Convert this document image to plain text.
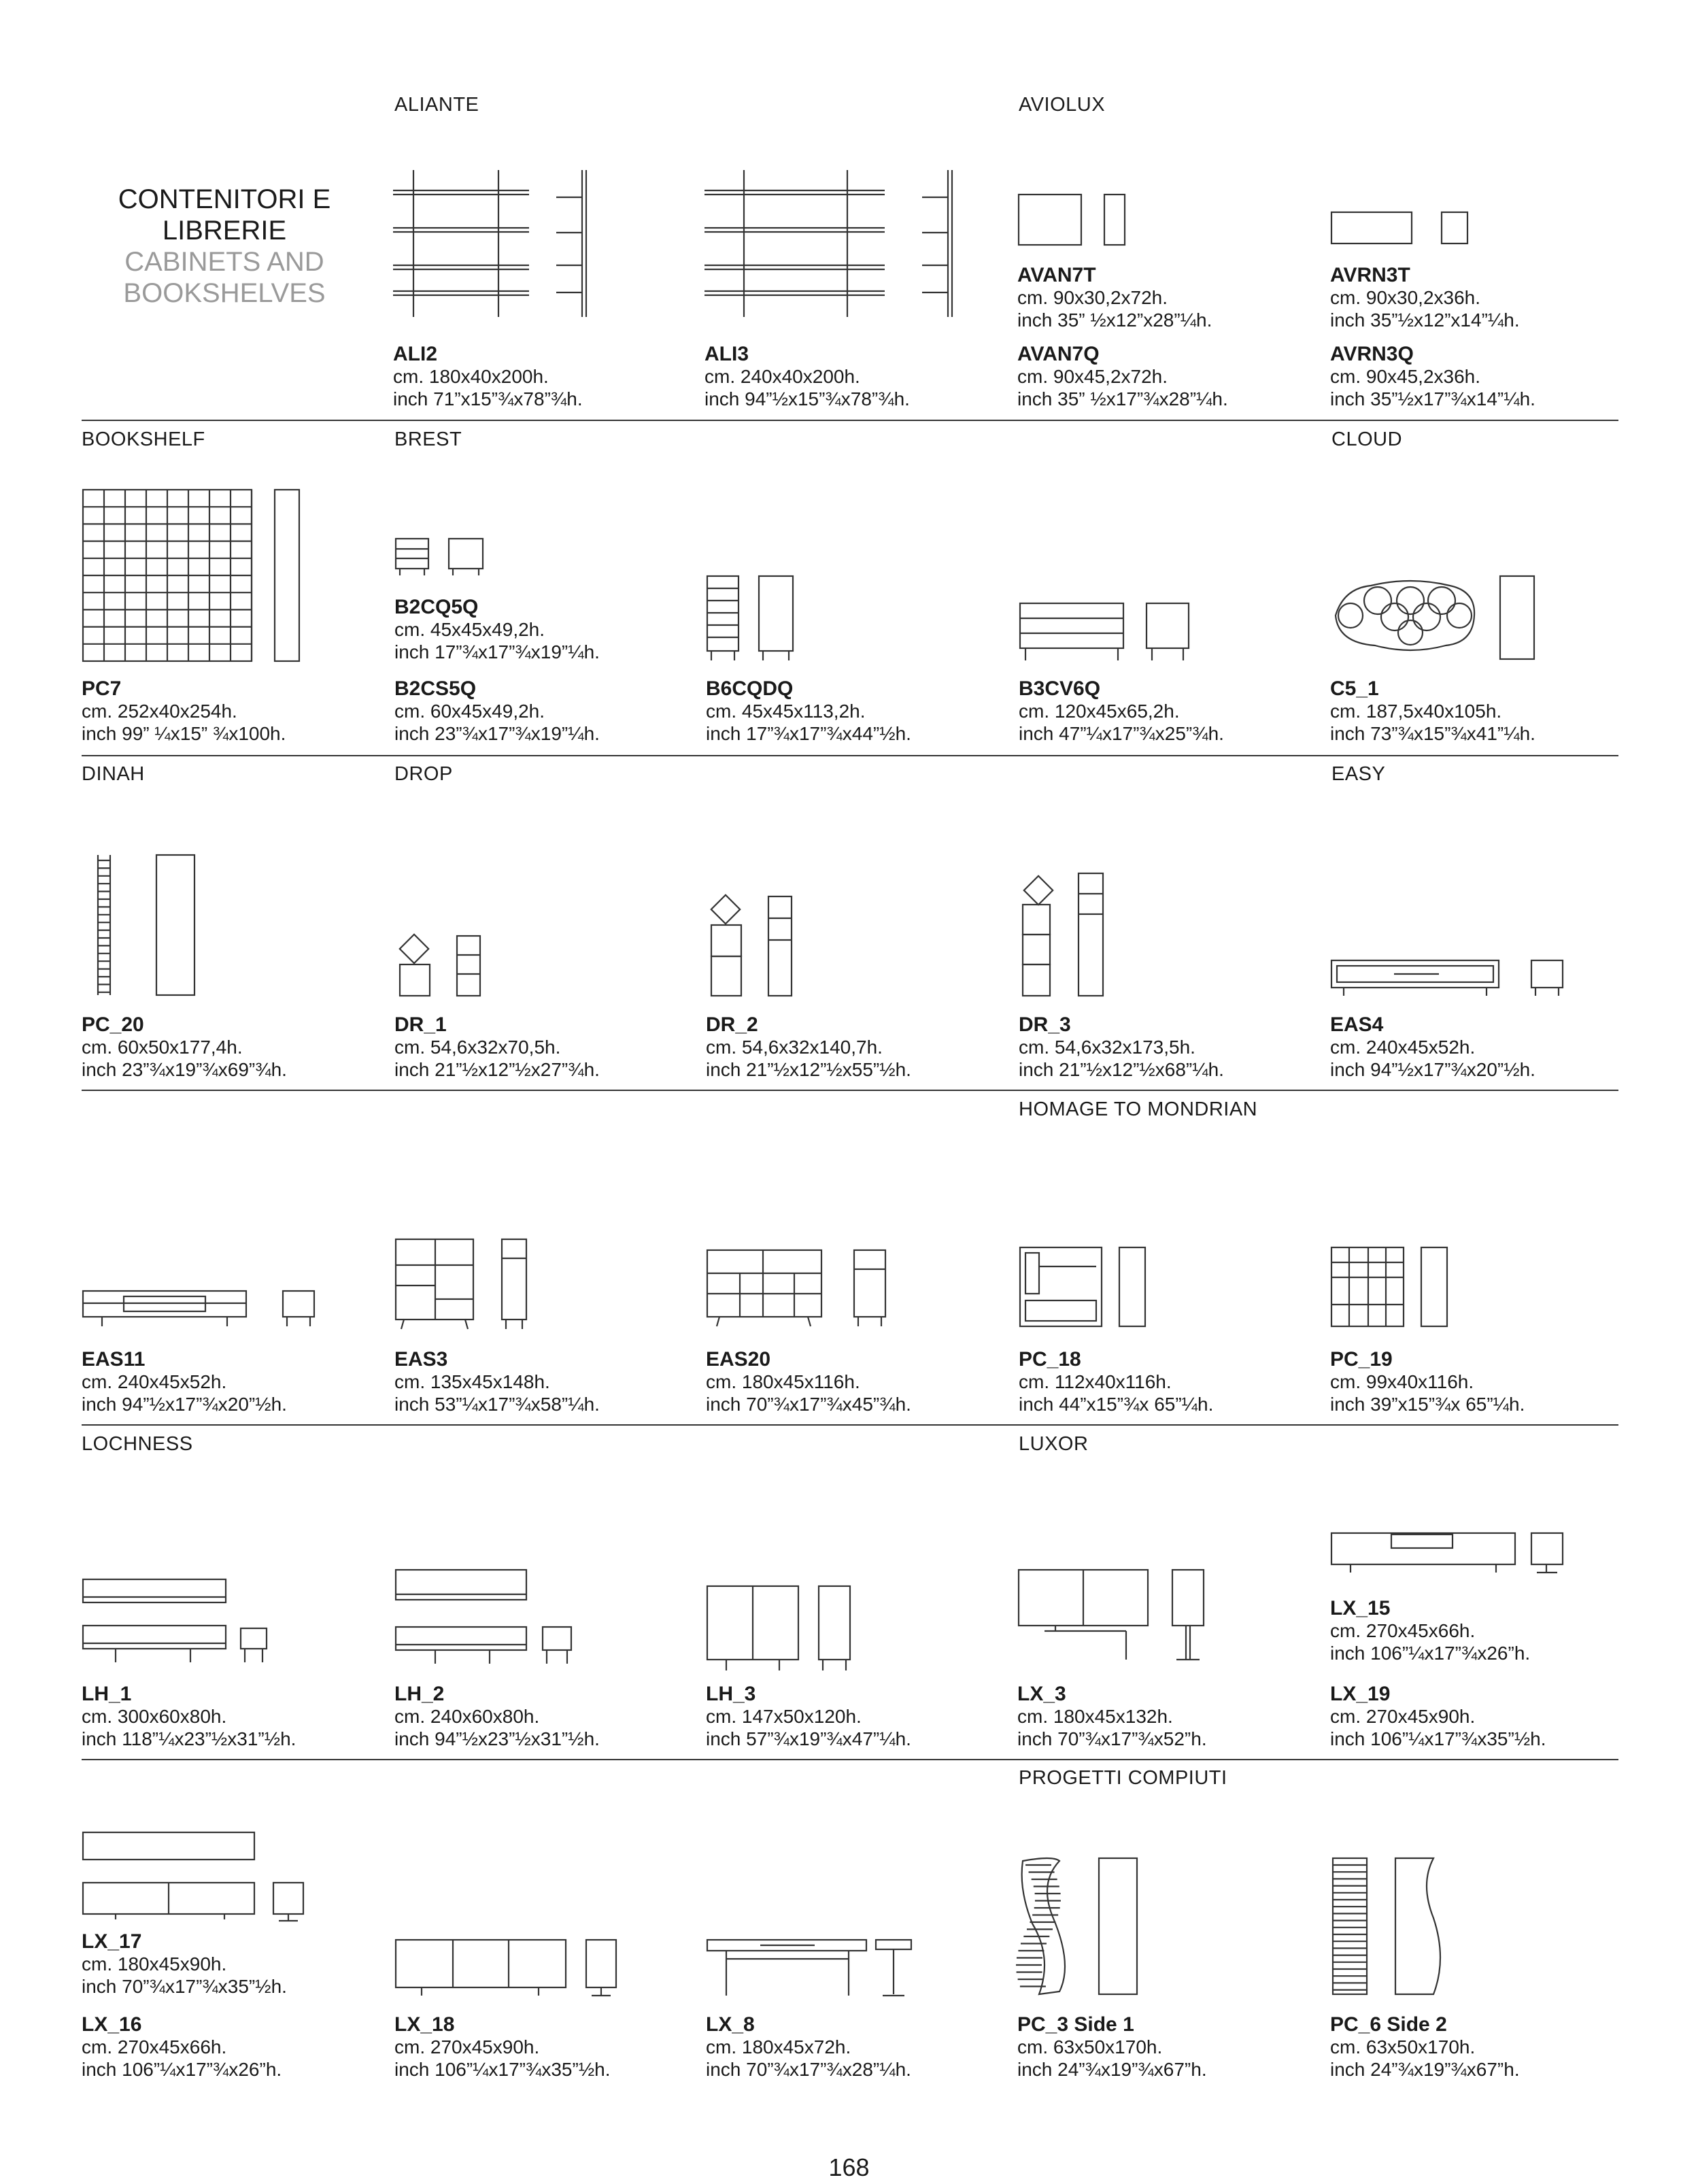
CONTENITORI E
LIBRERIE
CABINETS AND
BOOKSHELVES
ALIANTE	AVIOLUX
BOOKSHELF	BREST	CLOUD
DINAH	DROP	EASY
HOMAGE TO MONDRIAN
LOCHNESS	LUXOR
PROGETTI COMPIUTI
ALI2
cm. 180x40x200h.
inch 71”x15”¾x78”¾h.
ALI3
cm. 240x40x200h.
inch 94”½x15”¾x78”¾h.
AVAN7T
cm. 90x30,2x72h.
inch 35” ½x12”x28”¼h.
AVAN7Q
cm. 90x45,2x72h.
inch 35” ½x17”¾x28”¼h.
AVRN3T
cm. 90x30,2x36h.
inch 35”½x12”x14”¼h.
AVRN3Q
cm. 90x45,2x36h.
inch 35”½x17”¾x14”¼h.
PC7
cm. 252x40x254h.
inch 99” ¼x15” ¾x100h.
B2CQ5Q
cm. 45x45x49,2h.
inch 17”¾x17”¾x19”¼h.
B2CS5Q
cm. 60x45x49,2h.
inch 23”¾x17”¾x19”¼h.
B6CQDQ
cm. 45x45x113,2h.
inch 17”¾x17”¾x44”½h.
B3CV6Q
cm. 120x45x65,2h.
inch 47”¼x17”¾x25”¾h.
C5_1
cm. 187,5x40x105h.
inch 73”¾x15”¾x41”¼h.
PC_20
cm. 60x50x177,4h.
inch 23”¾x19”¾x69”¾h.
DR_1
cm. 54,6x32x70,5h.
inch 21”½x12”½x27”¾h.
DR_2
cm. 54,6x32x140,7h.
inch 21”½x12”½x55”½h.
DR_3
cm. 54,6x32x173,5h.
inch 21”½x12”½x68”¼h.
EAS4
cm. 240x45x52h.
inch 94”½x17”¾x20”½h.
EAS11
cm. 240x45x52h.
inch 94”½x17”¾x20”½h.
EAS3
cm. 135x45x148h.
inch 53”¼x17”¾x58”¼h.
EAS20
cm. 180x45x116h.
inch 70”¾x17”¾x45”¾h.
PC_18
cm. 112x40x116h.
inch 44”x15”¾x 65”¼h.
PC_19
cm. 99x40x116h.
inch 39”x15”¾x 65”¼h.
LH_1
cm. 300x60x80h.
inch 118”¼x23”½x31”½h.
LH_2
cm. 240x60x80h.
inch 94”½x23”½x31”½h.
LH_3
cm. 147x50x120h.
inch 57”¾x19”¾x47”¼h.
LX_3
cm. 180x45x132h.
inch 70”¾x17”¾x52”h.
LX_15
cm. 270x45x66h.
inch 106”¼x17”¾x26”h.
LX_19
cm. 270x45x90h.
inch 106”¼x17”¾x35”½h.
LX_17
cm. 180x45x90h.
inch 70”¾x17”¾x35”½h.
LX_16
cm. 270x45x66h.
inch 106”¼x17”¾x26”h.
LX_18
cm. 270x45x90h.
inch 106”¼x17”¾x35”½h.
LX_8
cm. 180x45x72h.
inch 70”¾x17”¾x28”¼h.
PC_3 Side 1
cm. 63x50x170h.
inch 24”¾x19”¾x67”h.
PC_6 Side 2
cm. 63x50x170h.
inch 24”¾x19”¾x67”h.
168
